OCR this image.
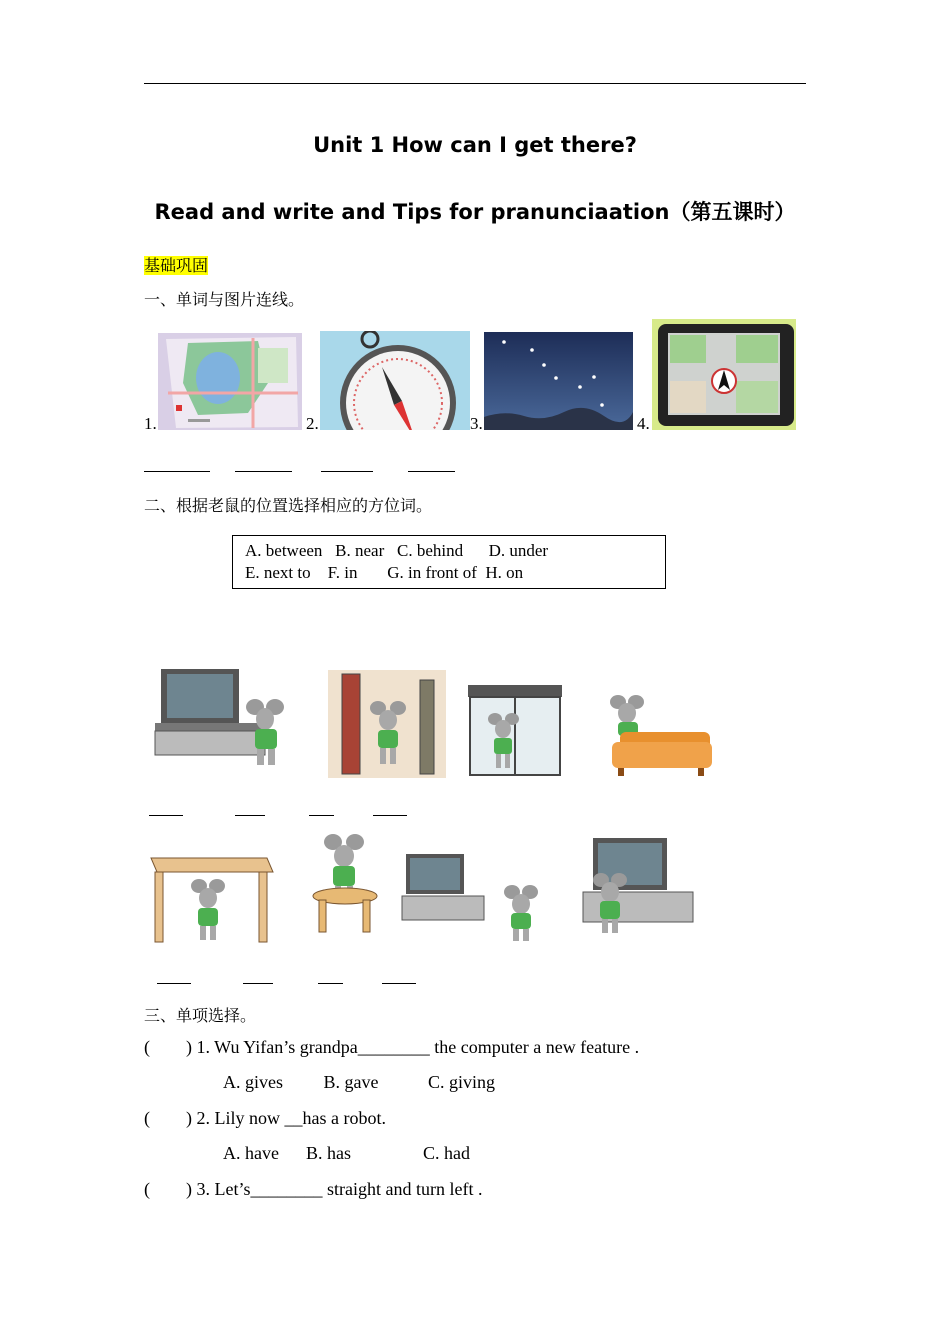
Unit 1 How can I get there?
Read and write and Tips for pranunciaation（第五课时）
基础巩固
一、单词与图片连线。
1.	2.	3.	4.
二、根据老鼠的位置选择相应的方位词。
A. between   B. near   C. behind      D. under
E. next to    F. in       G. in front of  H. on
三、单项选择。
(        ) 1. Wu Yifan’s grandpa________ the computer a new feature .
A. gives         B. gave           C. giving
(        ) 2. Lily now __has a robot.
A. have      B. has                C. had
(        ) 3. Let’s________ straight and turn left .
